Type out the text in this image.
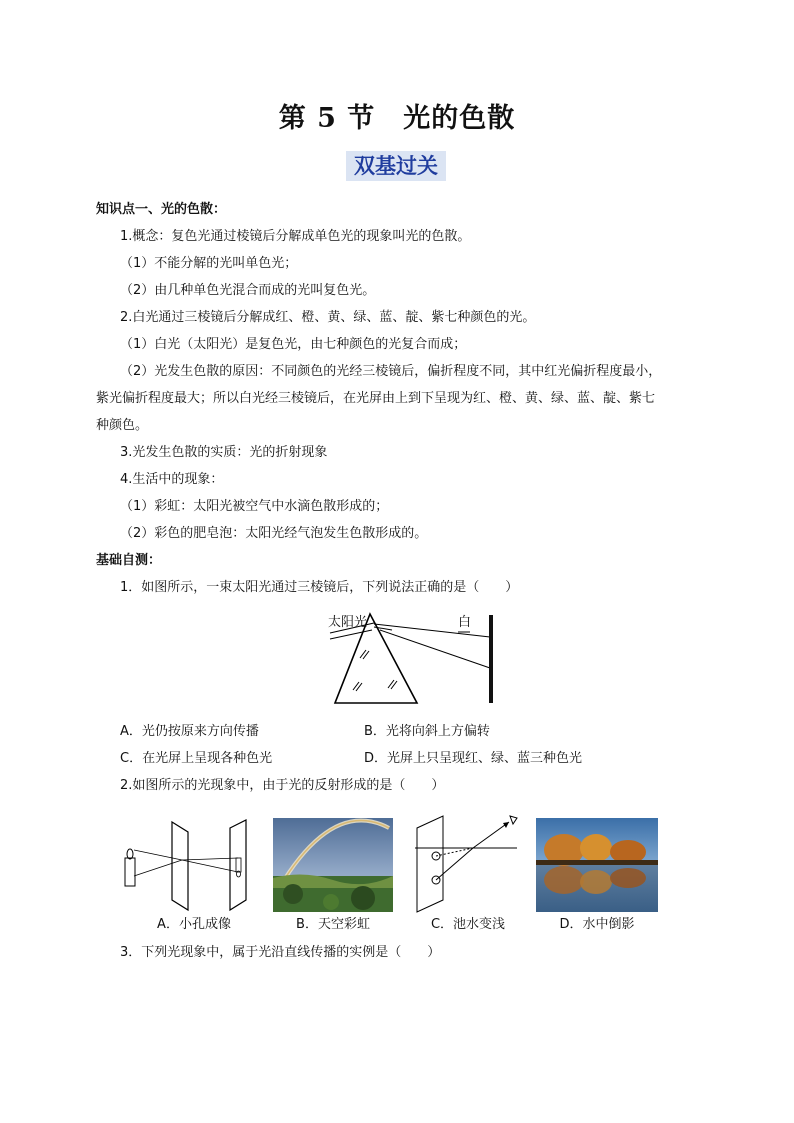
第 5 节　光的色散
双基过关
知识点一、光的色散：
1.概念：复色光通过棱镜后分解成单色光的现象叫光的色散。
（1）不能分解的光叫单色光；
（2）由几种单色光混合而成的光叫复色光。
2.白光通过三棱镜后分解成红、橙、黄、绿、蓝、靛、紫七种颜色的光。
（1）白光（太阳光）是复色光，由七种颜色的光复合而成；
（2）光发生色散的原因：不同颜色的光经三棱镜后，偏折程度不同，其中红光偏折程度最小，
紫光偏折程度最大；所以白光经三棱镜后，在光屏由上到下呈现为红、橙、黄、绿、蓝、靛、紫七
种颜色。
3.光发生色散的实质：光的折射现象
4.生活中的现象：
（1）彩虹：太阳光被空气中水滴色散形成的；
（2）彩色的肥皂泡：太阳光经气泡发生色散形成的。
基础自测：
1．如图所示，一束太阳光通过三棱镜后，下列说法正确的是（　　）
太阳光	白
A．光仍按原来方向传播	B．光将向斜上方偏转
C．在光屏上呈现各种色光	D．光屏上只呈现红、绿、蓝三种色光
2.如图所示的光现象中，由于光的反射形成的是（　　）
A．小孔成像	B．天空彩虹	C．池水变浅	D．水中倒影
3．下列光现象中，属于光沿直线传播的实例是（　　）
